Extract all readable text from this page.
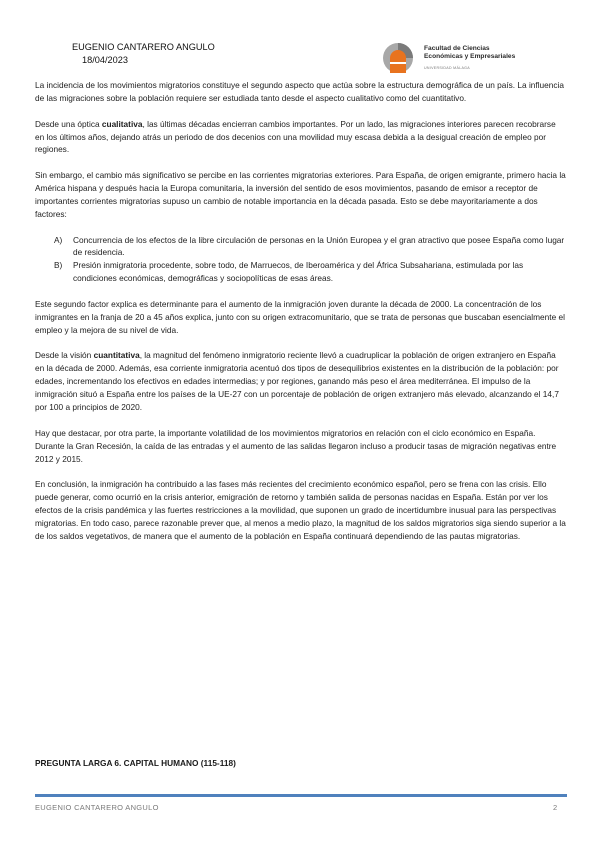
EUGENIO CANTARERO ANGULO
18/04/2023
Facultad de Ciencias
Económicas y Empresariales
UNIVERSIDAD MÁLAGA

La incidencia de los movimientos migratorios constituye el segundo aspecto que actúa sobre la estructura demográfica de un país. La influencia de las migraciones sobre la población requiere ser estudiada tanto desde el aspecto cualitativo como del cuantitativo.

Desde una óptica cualitativa, las últimas décadas encierran cambios importantes. Por un lado, las migraciones interiores parecen recobrarse en los últimos años, dejando atrás un periodo de dos decenios con una movilidad muy escasa debida a la desigual creación de empleo por regiones.

Sin embargo, el cambio más significativo se percibe en las corrientes migratorias exteriores. Para España, de origen emigrante, primero hacia la América hispana y después hacia la Europa comunitaria, la inversión del sentido de esos movimientos, pasando de emisor a receptor de importantes corrientes migratorias supuso un cambio de notable importancia en la década pasada. Esto se debe mayoritariamente a dos factores:

A) Concurrencia de los efectos de la libre circulación de personas en la Unión Europea y el gran atractivo que posee España como lugar de residencia.
B) Presión inmigratoria procedente, sobre todo, de Marruecos, de Iberoamérica y del África Subsahariana, estimulada por las condiciones económicas, demográficas y sociopolíticas de esas áreas.

Este segundo factor explica es determinante para el aumento de la inmigración joven durante la década de 2000. La concentración de los inmigrantes en la franja de 20 a 45 años explica, junto con su origen extracomunitario, que se trata de personas que buscaban esencialmente el empleo y la mejora de su nivel de vida.

Desde la visión cuantitativa, la magnitud del fenómeno inmigratorio reciente llevó a cuadruplicar la población de origen extranjero en España en la década de 2000. Además, esa corriente inmigratoria acentuó dos tipos de desequilibrios existentes en la distribución de la población: por edades, incrementando los efectivos en edades intermedias; y por regiones, ganando más peso el área mediterránea. El impulso de la inmigración situó a España entre los países de la UE-27 con un porcentaje de población de origen extranjero más elevado, alcanzando el 14,7 por 100 a principios de 2020.

Hay que destacar, por otra parte, la importante volatilidad de los movimientos migratorios en relación con el ciclo económico en España. Durante la Gran Recesión, la caída de las entradas y el aumento de las salidas llegaron incluso a producir tasas de migración negativas entre 2012 y 2015.

En conclusión, la inmigración ha contribuido a las fases más recientes del crecimiento económico español, pero se frena con las crisis. Ello puede generar, como ocurrió en la crisis anterior, emigración de retorno y también salida de personas nacidas en España. Están por ver los efectos de la crisis pandémica y las fuertes restricciones a la movilidad, que suponen un grado de incertidumbre inusual para las perspectivas migratorias. En todo caso, parece razonable prever que, al menos a medio plazo, la magnitud de los saldos migratorios siga siendo superior a la de los saldos vegetativos, de manera que el aumento de la población en España continuará dependiendo de las pautas migratorias.

PREGUNTA LARGA 6. CAPITAL HUMANO (115-118)
EUGENIO CANTARERO ANGULO	2
